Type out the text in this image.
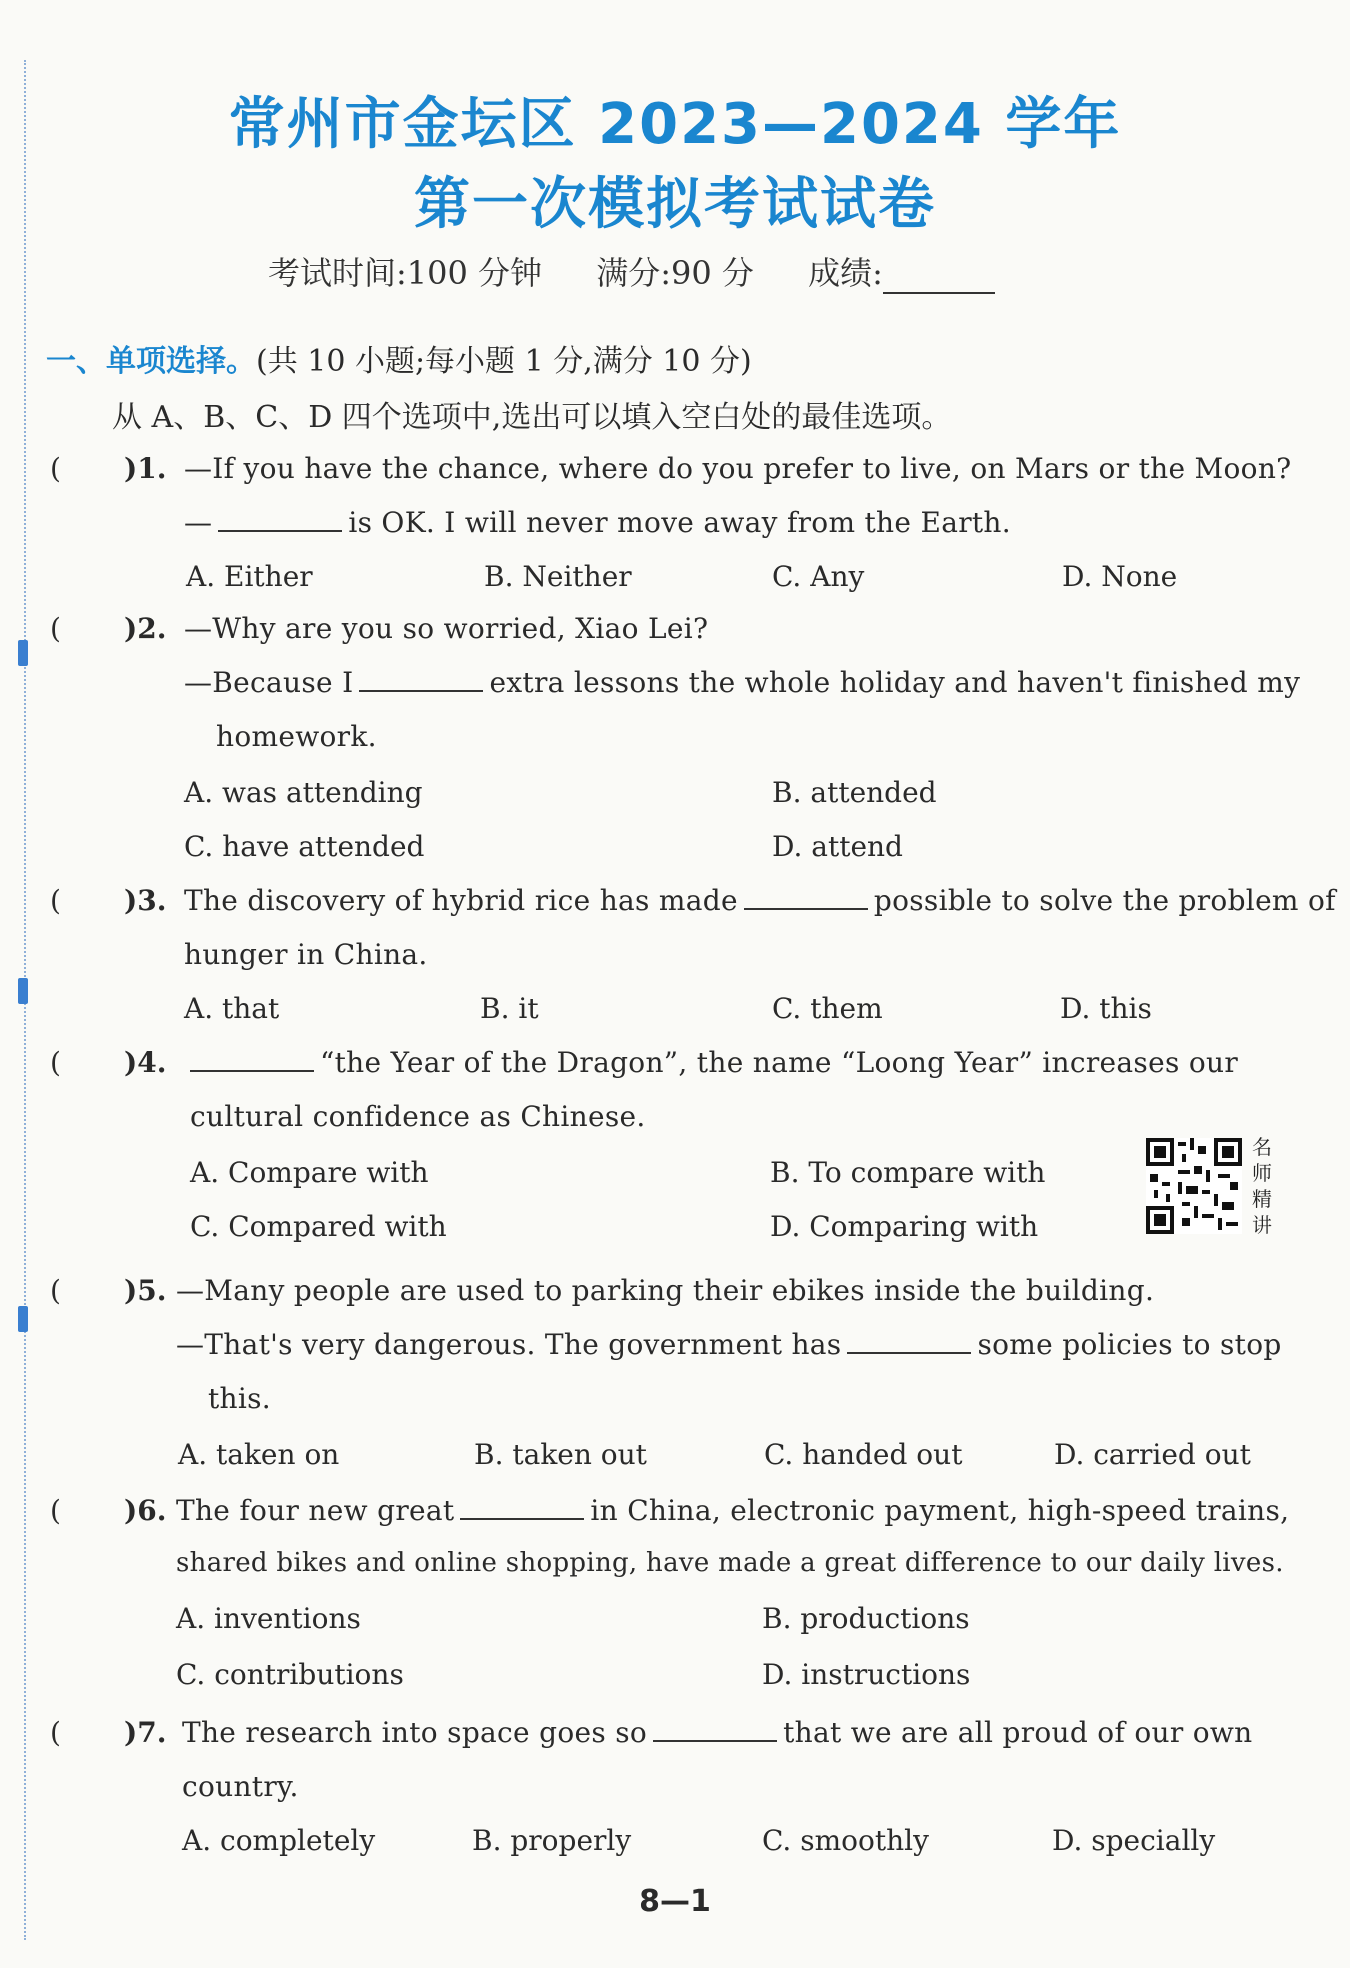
常州市金坛区 2023—2024 学年
第一次模拟考试试卷
考试时间:100 分钟 满分:90 分 成绩:
一、单项选择。(共 10 小题;每小题 1 分,满分 10 分)
从 A、B、C、D 四个选项中,选出可以填入空白处的最佳选项。
( )1. —If you have the chance, where do you prefer to live, on Mars or the Moon?
—	is OK. I will never move away from the Earth.
A. Either	B. Neither	C. Any	D. None
( )2. —Why are you so worried, Xiao Lei?
—Because I	extra lessons the whole holiday and haven't finished my
homework.
A. was attending	B. attended
C. have attended	D. attend
( )3. The discovery of hybrid rice has made	possible to solve the problem of
hunger in China.
A. that	B. it	C. them	D. this
( )4.	“the Year of the Dragon”, the name “Loong Year” increases our
cultural confidence as Chinese.
A. Compare with	B. To compare with
C. Compared with	D. Comparing with
名师精讲
( )5. —Many people are used to parking their ebikes inside the building.
—That's very dangerous. The government has	some policies to stop
this.
A. taken on	B. taken out	C. handed out	D. carried out
( )6. The four new great	in China, electronic payment, high-speed trains,
shared bikes and online shopping, have made a great difference to our daily lives.
A. inventions	B. productions
C. contributions	D. instructions
( )7. The research into space goes so	that we are all proud of our own
country.
A. completely	B. properly	C. smoothly	D. specially
8—1
